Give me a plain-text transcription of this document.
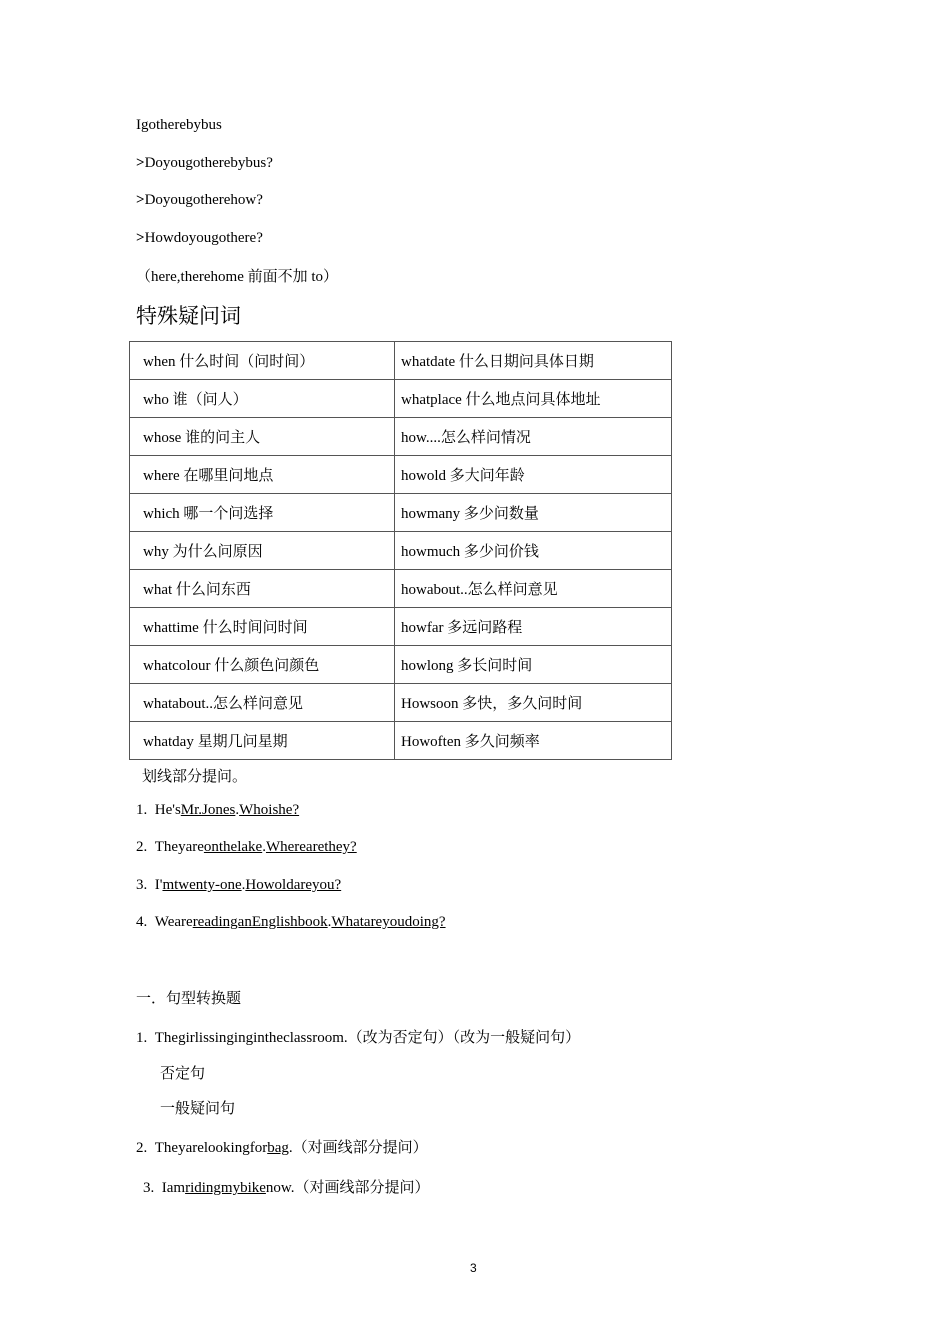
Igotherebybus
>Doyougotherebybus?
>Doyougotherehow?
>Howdoyougothere?
（here,therehome 前面不加 to）
特殊疑问词
when 什么时间（问时间）	whatdate 什么日期问具体日期
who 谁（问人）	whatplace 什么地点问具体地址
whose 谁的问主人	how....怎么样问情况
where 在哪里问地点	howold 多大问年龄
which 哪一个问选择	howmany 多少问数量
why 为什么问原因	howmuch 多少问价钱
what 什么问东西	howabout..怎么样问意见
whattime 什么时间问时间	howfar 多远问路程
whatcolour 什么颜色问颜色	howlong 多长问时间
whatabout..怎么样问意见	Howsoon 多快，多久问时间
whatday 星期几问星期	Howoften 多久问频率
划线部分提问。
1. He'sMr.Jones.Whoishe?
2. Theyareonthelake.Wherearethey?
3. I'mtwenty-one.Howoldareyou?
4. WearereadinganEnglishbook.Whatareyoudoing?
一．句型转换题
1. Thegirlissingingintheclassroom.（改为否定句）（改为一般疑问句）
否定句
一般疑问句
2. Theyarelookingforbag.（对画线部分提问）
3. Iamridingmybikenow.（对画线部分提问）
3
